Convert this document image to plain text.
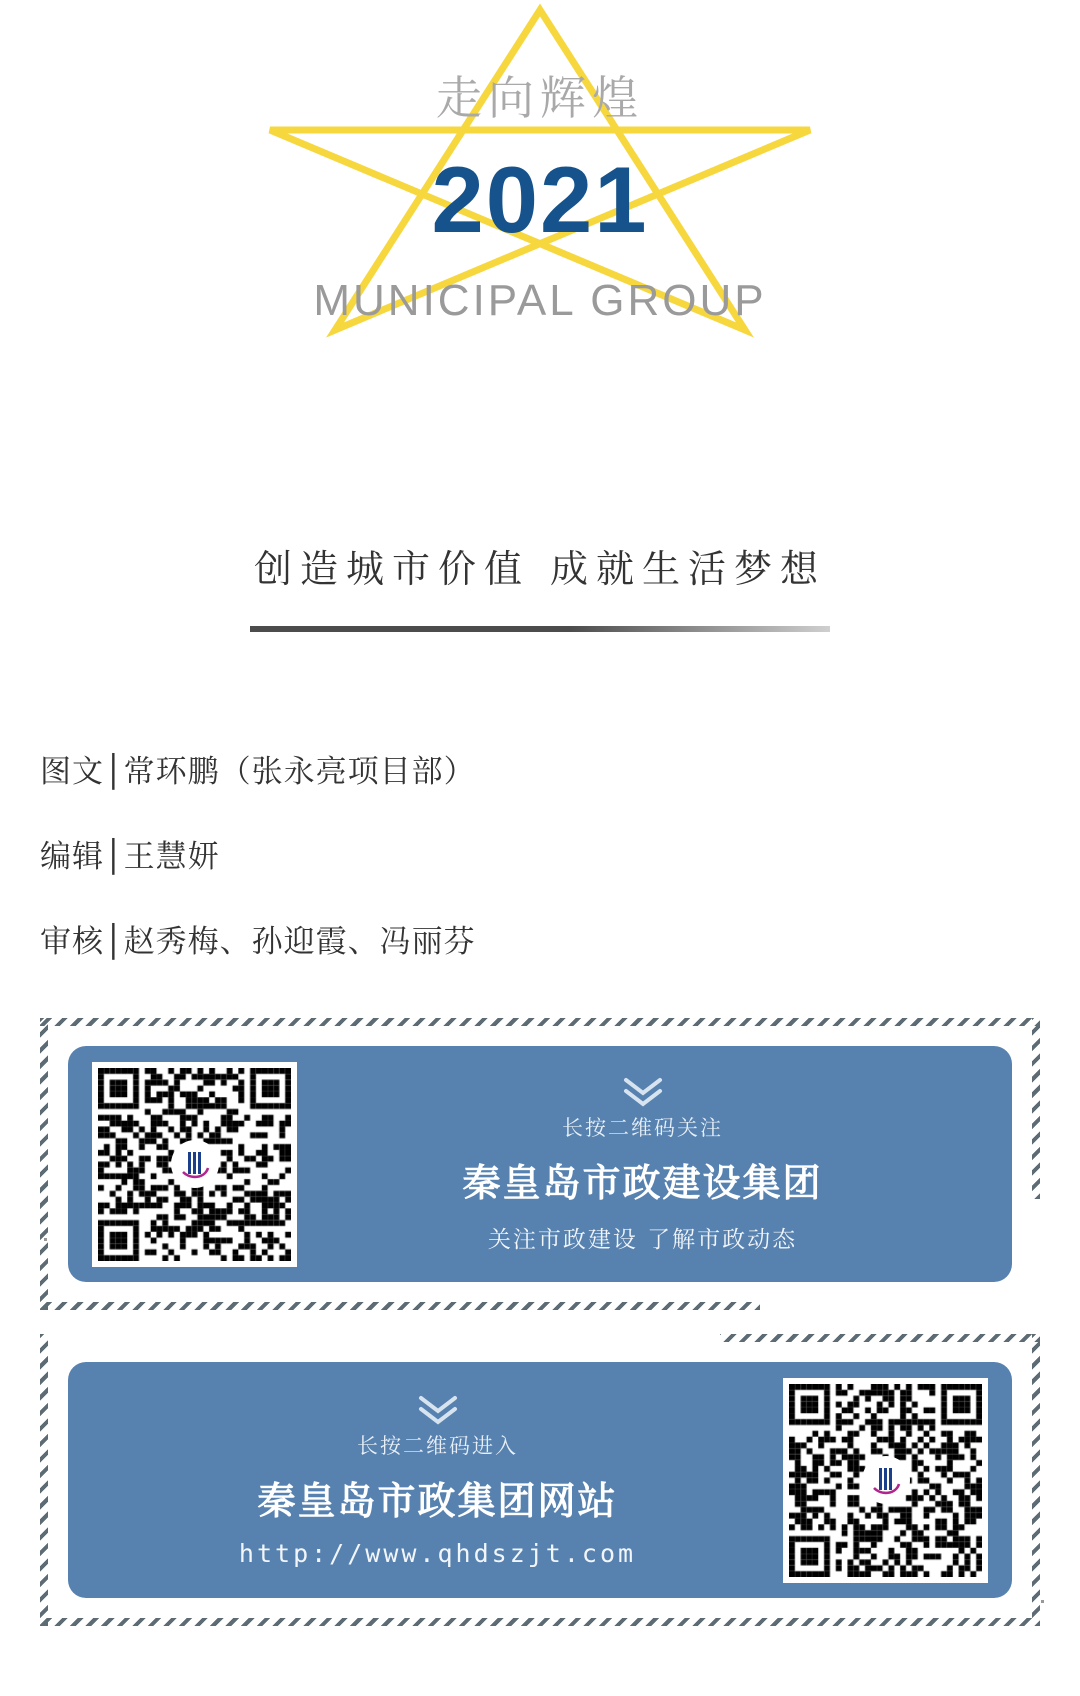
走向辉煌

2021

MUNICIPAL GROUP

创造城市价值 成就生活梦想
图文│常环鹏（张永亮项目部）
编辑│王慧妍
审核│赵秀梅、孙迎霞、冯丽芬

长按二维码关注

秦皇岛市政建设集团

关注市政建设 了解市政动态

长按二维码进入

秦皇岛市政集团网站

http://www.qhdszjt.com
